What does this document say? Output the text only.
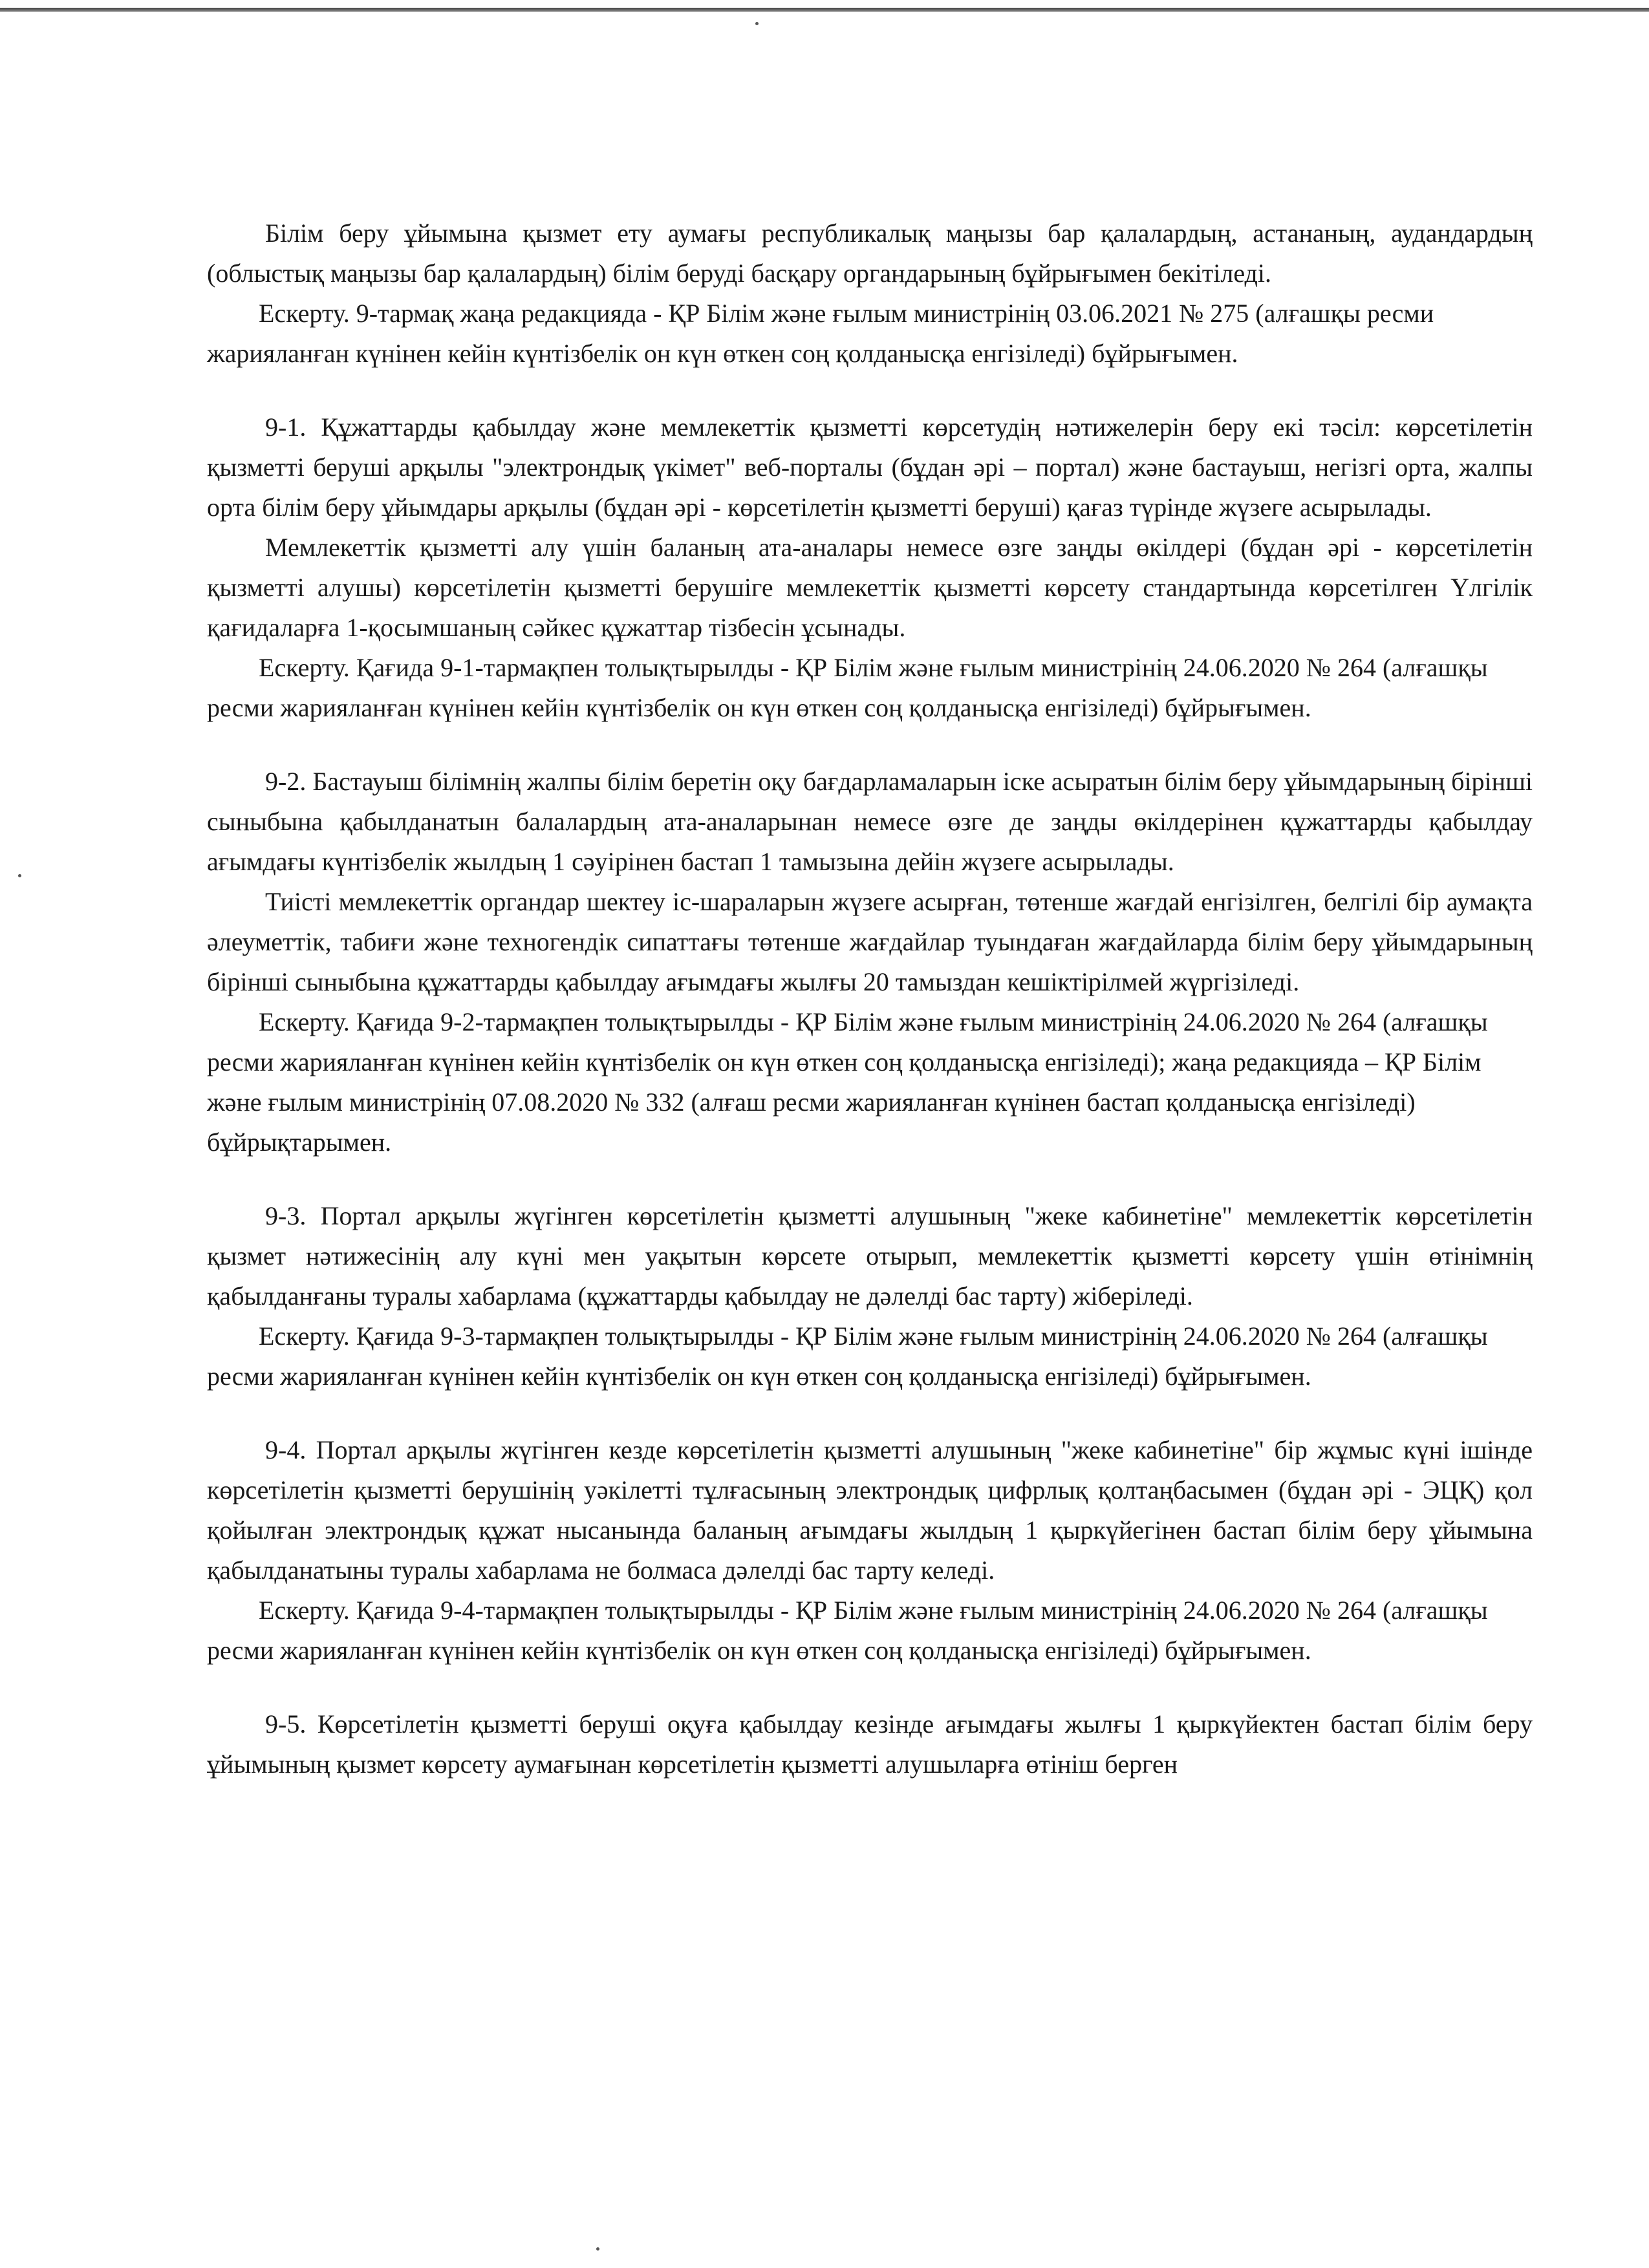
Білім беру ұйымына қызмет ету аумағы республикалық маңызы бар қалалардың, астананың, аудандардың (облыстық маңызы бар қалалардың) білім беруді басқару органдарының бұйрығымен бекітіледі.

Ескерту. 9-тармақ жаңа редакцияда - ҚР Білім және ғылым министрінің 03.06.2021 № 275 (алғашқы ресми жарияланған күнінен кейін күнтізбелік он күн өткен соң қолданысқа енгізіледі) бұйрығымен.

9-1. Құжаттарды қабылдау және мемлекеттік қызметті көрсетудің нәтижелерін беру екі тәсіл: көрсетілетін қызметті беруші арқылы "электрондық үкімет" веб-порталы (бұдан әрі – портал) және бастауыш, негізгі орта, жалпы орта білім беру ұйымдары арқылы (бұдан әрі - көрсетілетін қызметті беруші) қағаз түрінде жүзеге асырылады.

Мемлекеттік қызметті алу үшін баланың ата-аналары немесе өзге заңды өкілдері (бұдан әрі - көрсетілетін қызметті алушы) көрсетілетін қызметті берушіге мемлекеттік қызметті көрсету стандартында көрсетілген Үлгілік қағидаларға 1-қосымшаның сәйкес құжаттар тізбесін ұсынады.

Ескерту. Қағида 9-1-тармақпен толықтырылды - ҚР Білім және ғылым министрінің 24.06.2020 № 264 (алғашқы ресми жарияланған күнінен кейін күнтізбелік он күн өткен соң қолданысқа енгізіледі) бұйрығымен.

9-2. Бастауыш білімнің жалпы білім беретін оқу бағдарламаларын іске асыратын білім беру ұйымдарының бірінші сыныбына қабылданатын балалардың ата-аналарынан немесе өзге де заңды өкілдерінен құжаттарды қабылдау ағымдағы күнтізбелік жылдың 1 сәуірінен бастап 1 тамызына дейін жүзеге асырылады.

Тиісті мемлекеттік органдар шектеу іс-шараларын жүзеге асырған, төтенше жағдай енгізілген, белгілі бір аумақта әлеуметтік, табиғи және техногендік сипаттағы төтенше жағдайлар туындаған жағдайларда білім беру ұйымдарының бірінші сыныбына құжаттарды қабылдау ағымдағы жылғы 20 тамыздан кешіктірілмей жүргізіледі.

Ескерту. Қағида 9-2-тармақпен толықтырылды - ҚР Білім және ғылым министрінің 24.06.2020 № 264 (алғашқы ресми жарияланған күнінен кейін күнтізбелік он күн өткен соң қолданысқа енгізіледі); жаңа редакцияда – ҚР Білім және ғылым министрінің 07.08.2020 № 332 (алғаш ресми жарияланған күнінен бастап қолданысқа енгізіледі) бұйрықтарымен.

9-3. Портал арқылы жүгінген көрсетілетін қызметті алушының "жеке кабинетіне" мемлекеттік көрсетілетін қызмет нәтижесінің алу күні мен уақытын көрсете отырып, мемлекеттік қызметті көрсету үшін өтінімнің қабылданғаны туралы хабарлама (құжаттарды қабылдау не дәлелді бас тарту) жіберіледі.

Ескерту. Қағида 9-3-тармақпен толықтырылды - ҚР Білім және ғылым министрінің 24.06.2020 № 264 (алғашқы ресми жарияланған күнінен кейін күнтізбелік он күн өткен соң қолданысқа енгізіледі) бұйрығымен.

9-4. Портал арқылы жүгінген кезде көрсетілетін қызметті алушының "жеке кабинетіне" бір жұмыс күні ішінде көрсетілетін қызметті берушінің уәкілетті тұлғасының электрондық цифрлық қолтаңбасымен (бұдан әрі - ЭЦҚ) қол қойылған электрондық құжат нысанында баланың ағымдағы жылдың 1 қыркүйегінен бастап білім беру ұйымына қабылданатыны туралы хабарлама не болмаса дәлелді бас тарту келеді.

Ескерту. Қағида 9-4-тармақпен толықтырылды - ҚР Білім және ғылым министрінің 24.06.2020 № 264 (алғашқы ресми жарияланған күнінен кейін күнтізбелік он күн өткен соң қолданысқа енгізіледі) бұйрығымен.

9-5. Көрсетілетін қызметті беруші оқуға қабылдау кезінде ағымдағы жылғы 1 қыркүйектен бастап білім беру ұйымының қызмет көрсету аумағынан көрсетілетін қызметті алушыларға өтініш берген
